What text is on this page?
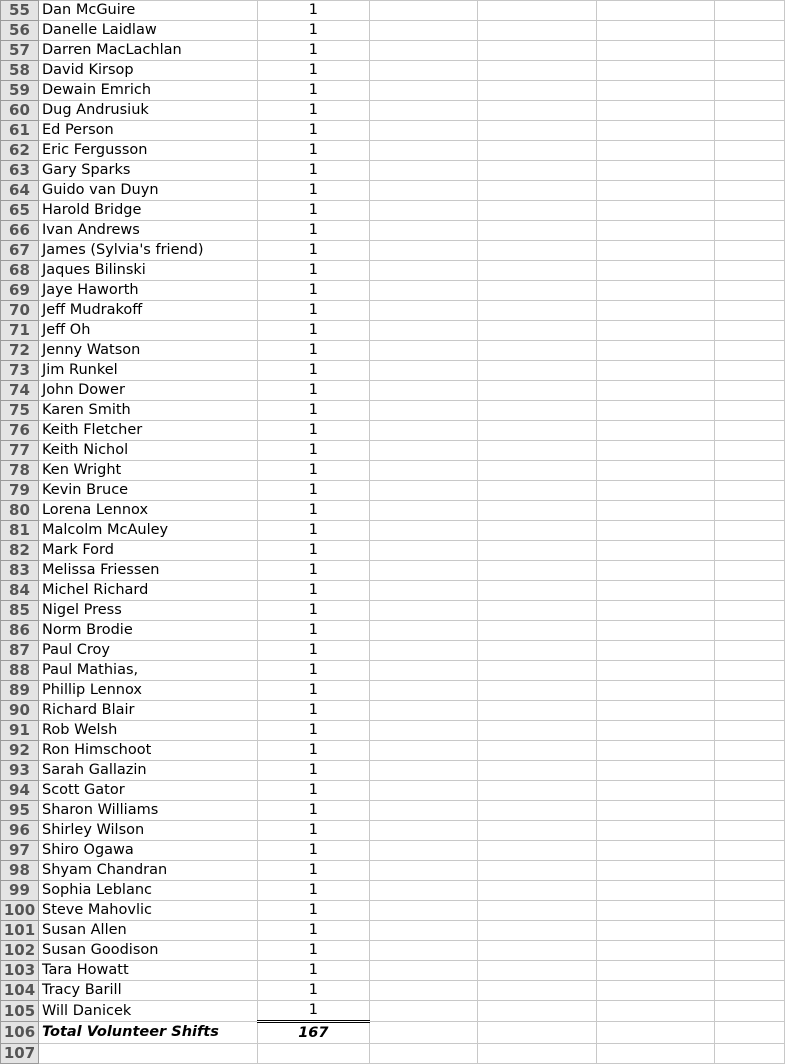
55	Dan McGuire	1				
56	Danelle Laidlaw	1				
57	Darren MacLachlan	1				
58	David Kirsop	1				
59	Dewain Emrich	1				
60	Dug Andrusiuk	1				
61	Ed Person	1				
62	Eric Fergusson	1				
63	Gary Sparks	1				
64	Guido van Duyn	1				
65	Harold Bridge	1				
66	Ivan Andrews	1				
67	James (Sylvia's friend)	1				
68	Jaques Bilinski	1				
69	Jaye Haworth	1				
70	Jeff Mudrakoff	1				
71	Jeff Oh	1				
72	Jenny Watson	1				
73	Jim Runkel	1				
74	John Dower	1				
75	Karen Smith	1				
76	Keith Fletcher	1				
77	Keith Nichol	1				
78	Ken Wright	1				
79	Kevin Bruce	1				
80	Lorena Lennox	1				
81	Malcolm McAuley	1				
82	Mark Ford	1				
83	Melissa Friessen	1				
84	Michel Richard	1				
85	Nigel Press	1				
86	Norm Brodie	1				
87	Paul Croy	1				
88	Paul Mathias,	1				
89	Phillip Lennox	1				
90	Richard Blair	1				
91	Rob Welsh	1				
92	Ron Himschoot	1				
93	Sarah Gallazin	1				
94	Scott Gator	1				
95	Sharon Williams	1				
96	Shirley Wilson	1				
97	Shiro Ogawa	1				
98	Shyam Chandran	1				
99	Sophia Leblanc	1				
100	Steve Mahovlic	1				
101	Susan Allen	1				
102	Susan Goodison	1				
103	Tara Howatt	1				
104	Tracy Barill	1				
105	Will Danicek	1				
106	Total Volunteer Shifts	167				
107						
